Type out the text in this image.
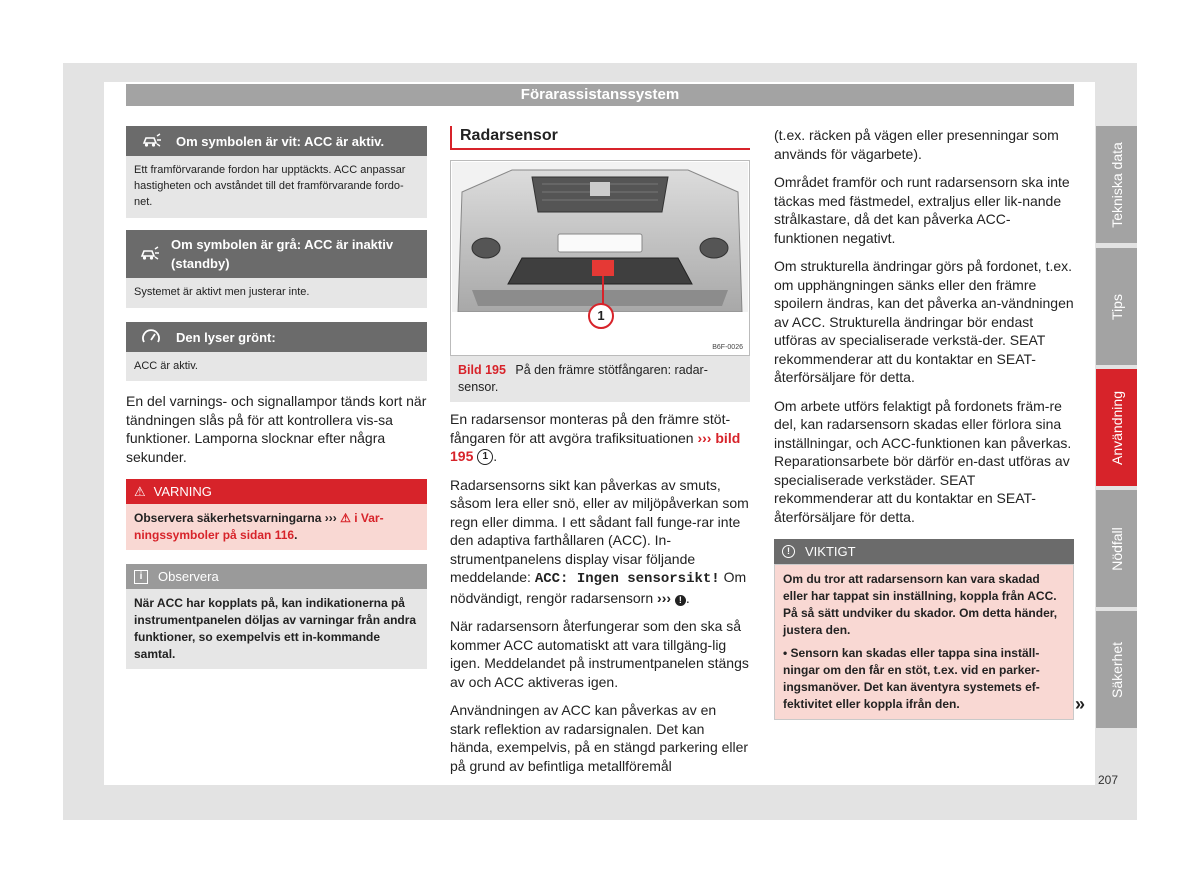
Förarassistanssystem
Om symbolen är vit: ACC är aktiv.
Ett framförvarande fordon har upptäckts. ACC anpassar hastigheten och avståndet till det framförvarande fordo-net.
Om symbolen är grå: ACC är inaktiv (standby)
Systemet är aktivt men justerar inte.
Den lyser grönt:
ACC är aktiv.
En del varnings- och signallampor tänds kort när tändningen slås på för att kontrollera vis-sa funktioner. Lamporna slocknar efter några sekunder.
⚠ VARNING
Observera säkerhetsvarningarna ››› ⚠ i Var-ningssymboler på sidan 116.
i	Observera
När ACC har kopplats på, kan indikationerna på instrumentpanelen döljas av varningar från andra funktioner, so exempelvis ett in-kommande samtal.
Radarsensor
1
B6F-0026
Bild 195 På den främre stötfångaren: radar-sensor.
En radarsensor monteras på den främre stöt-fångaren för att avgöra trafiksituationen ››› bild 195 1 .
Radarsensorns sikt kan påverkas av smuts, såsom lera eller snö, eller av miljöpåverkan som regn eller dimma. I ett sådant fall funge-rar inte den adaptiva farthållaren (ACC). In-strumentpanelens display visar följande meddelande: ACC: Ingen sensorsikt! Om nödvändigt, rengör radarsensorn ››› ! .
När radarsensorn återfungerar som den ska så kommer ACC automatiskt att vara tillgäng-lig igen. Meddelandet på instrumentpanelen stängs av och ACC aktiveras igen.
Användningen av ACC kan påverkas av en stark reflektion av radarsignalen. Det kan hända, exempelvis, på en stängd parkering eller på grund av befintliga metallföremål
(t.ex. räcken på vägen eller presenningar som används för vägarbete).
Området framför och runt radarsensorn ska inte täckas med fästmedel, extraljus eller lik-nande strålkastare, då det kan påverka ACC-funktionen negativt.
Om strukturella ändringar görs på fordonet, t.ex. om upphängningen sänks eller den främre spoilern ändras, kan det påverka an-vändningen av ACC. Strukturella ändringar bör endast utföras av specialiserade verkstä-der. SEAT rekommenderar att du kontaktar en SEAT-återförsäljare för detta.
Om arbete utförs felaktigt på fordonets främ-re del, kan radarsensorn skadas eller förlora sina inställningar, och ACC-funktionen kan påverkas. Reparationsarbete bör därför en-dast utföras av specialiserade verkstäder. SEAT rekommenderar att du kontaktar en SEAT-återförsäljare för detta.
!	VIKTIGT
Om du tror att radarsensorn kan vara skadad eller har tappat sin inställning, koppla från ACC. På så sätt undviker du skador. Om detta händer, justera den.
• Sensorn kan skadas eller tappa sina inställ-ningar om den får en stöt, t.ex. vid en parker-ingsmanöver. Det kan äventyra systemets ef-fektivitet eller koppla ifrån den.	»
Tekniska data
Tips
Användning
Nödfall
Säkerhet
207
